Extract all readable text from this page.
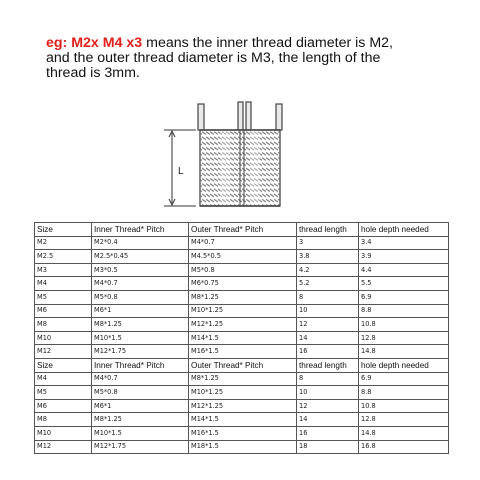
eg: M2x M4 x3 means the inner thread diameter is M2,
and the outer thread diameter is M3, the length of the
thread is 3mm.
L
Size	Inner Thread* Pitch	Outer Thread* Pitch	thread length	hole depth needed
M2	M2*0.4	M4*0.7	3	3.4
M2.5	M2.5*0.45	M4.5*0.5	3.8	3.9
M3	M3*0.5	M5*0.8	4.2	4.4
M4	M4*0.7	M6*0.75	5.2	5.5
M5	M5*0.8	M8*1.25	8	6.9
M6	M6*1	M10*1.25	10	8.8
M8	M8*1.25	M12*1.25	12	10.8
M10	M10*1.5	M14*1.5	14	12.8
M12	M12*1.75	M16*1.5	16	14.8
Size	Inner Thread* Pitch	Outer Thread* Pitch	thread length	hole depth needed
M4	M4*0.7	M8*1.25	8	6.9
M5	M5*0.8	M10*1.25	10	8.8
M6	M6*1	M12*1.25	12	10.8
M8	M8*1.25	M14*1.5	14	12.8
M10	M10*1.5	M16*1.5	16	14.8
M12	M12*1.75	M18*1.5	18	16.8
